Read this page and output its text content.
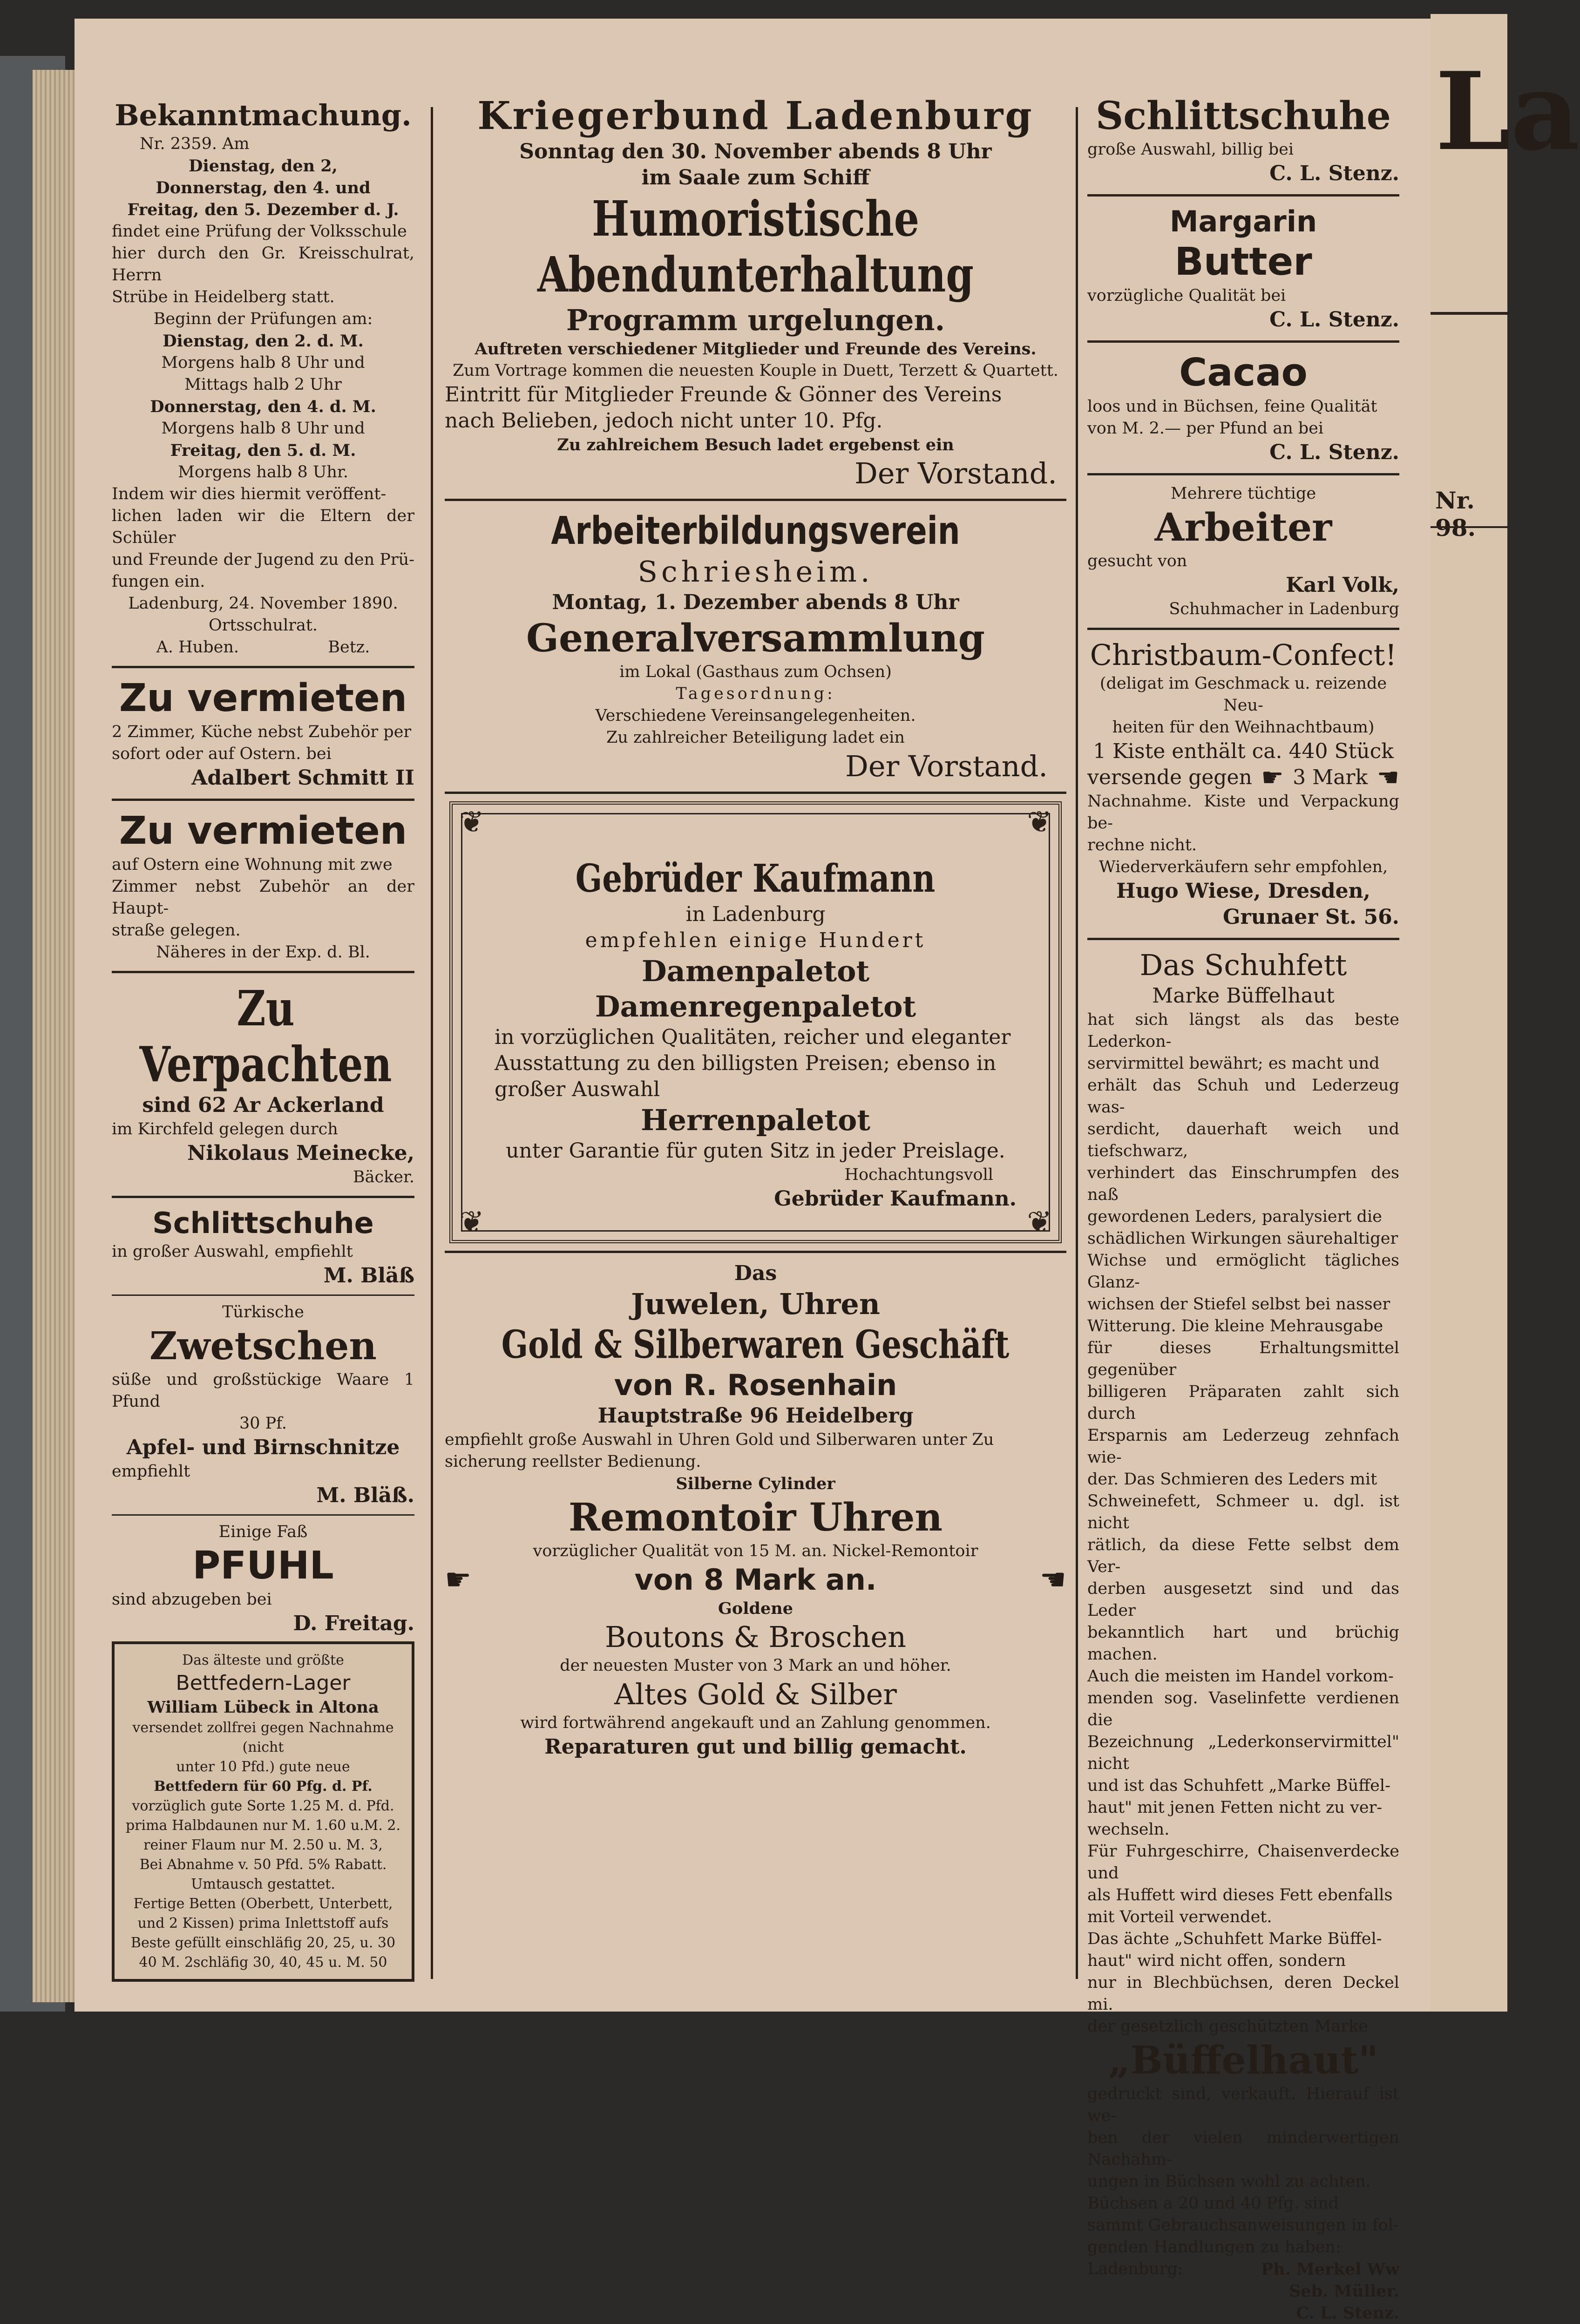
La
Nr. 98.

Bekanntmachung.

Nr. 2359. Am

Dienstag, den 2,

Donnerstag, den 4. und

Freitag, den 5. Dezember d. J.

findet eine Prüfung der Volksschule

hier durch den Gr. Kreisschulrat, Herrn

Strübe in Heidelberg statt.

Beginn der Prüfungen am:

Dienstag, den 2. d. M.

Morgens halb 8 Uhr und

Mittags halb 2 Uhr

Donnerstag, den 4. d. M.

Morgens halb 8 Uhr und

Freitag, den 5. d. M.

Morgens halb 8 Uhr.

Indem wir dies hiermit veröffent-

lichen laden wir die Eltern der Schüler

und Freunde der Jugend zu den Prü-

fungen ein.

Ladenburg, 24. November 1890.

Ortsschulrat.

A. Huben.	Betz.

Zu vermieten

2 Zimmer, Küche nebst Zubehör per

sofort oder auf Ostern. bei

Adalbert Schmitt II

Zu vermieten

auf Ostern eine Wohnung mit zwe

Zimmer nebst Zubehör an der Haupt-

straße gelegen.

Näheres in der Exp. d. Bl.

Zu Verpachten

sind 62 Ar Ackerland

im Kirchfeld gelegen durch

Nikolaus Meinecke,

Bäcker.

Schlittschuhe

in großer Auswahl, empfiehlt

M. Bläß

Türkische

Zwetschen

süße und großstückige Waare 1 Pfund

30 Pf.

Apfel- und Birnschnitze

empfiehlt

M. Bläß.

Einige Faß

PFUHL

sind abzugeben bei

D. Freitag.

Das älteste und größte

Bettfedern-Lager

William Lübeck in Altona

versendet zollfrei gegen Nachnahme (nicht

unter 10 Pfd.) gute neue

Bettfedern für 60 Pfg. d. Pf.

vorzüglich gute Sorte 1.25 M. d. Pfd.

prima Halbdaunen nur M. 1.60 u.M. 2.

reiner Flaum nur M. 2.50 u. M. 3,

Bei Abnahme v. 50 Pfd. 5% Rabatt.

Umtausch gestattet.

Fertige Betten (Oberbett, Unterbett,

und 2 Kissen) prima Inlettstoff aufs

Beste gefüllt einschläfig 20, 25, u. 30

40 M. 2schläfig 30, 40, 45 u. M. 50

Kriegerbund Ladenburg

Sonntag den 30. November abends 8 Uhr

im Saale zum Schiff

Humoristische Abendunterhaltung

Programm urgelungen.

Auftreten verschiedener Mitglieder und Freunde des Vereins.

Zum Vortrage kommen die neuesten Kouple in Duett, Terzett & Quartett.

Eintritt für Mitglieder Freunde & Gönner des Vereins

nach Belieben, jedoch nicht unter 10. Pfg.

Zu zahlreichem Besuch ladet ergebenst ein

Der Vorstand.

Arbeiterbildungsverein

Schriesheim.

Montag, 1. Dezember abends 8 Uhr

Generalversammlung

im Lokal (Gasthaus zum Ochsen)

Tagesordnung:

Verschiedene Vereinsangelegenheiten.

Zu zahlreicher Beteiligung ladet ein

Der Vorstand.

❦	❦
❦	❦

Gebrüder Kaufmann

in Ladenburg

empfehlen einige Hundert

Damenpaletot

Damenregenpaletot

in vorzüglichen Qualitäten, reicher und eleganter

Ausstattung zu den billigsten Preisen; ebenso in

großer Auswahl

Herrenpaletot

unter Garantie für guten Sitz in jeder Preislage.

Hochachtungsvoll

Gebrüder Kaufmann.

Das

Juwelen, Uhren

Gold & Silberwaren Geschäft

von R. Rosenhain

Hauptstraße 96 Heidelberg

empfiehlt große Auswahl in Uhren Gold und Silberwaren unter Zu

sicherung reellster Bedienung.

Silberne Cylinder

Remontoir Uhren

vorzüglicher Qualität von 15 M. an. Nickel-Remontoir

☛	von 8 Mark an.	☚

Goldene

Boutons & Broschen

der neuesten Muster von 3 Mark an und höher.

Altes Gold & Silber

wird fortwährend angekauft und an Zahlung genommen.

Reparaturen gut und billig gemacht.

Schlittschuhe

große Auswahl, billig bei

C. L. Stenz.

Margarin

Butter

vorzügliche Qualität bei

C. L. Stenz.

Cacao

loos und in Büchsen, feine Qualität

von M. 2.— per Pfund an bei

C. L. Stenz.

Mehrere tüchtige

Arbeiter

gesucht von

Karl Volk,

Schuhmacher in Ladenburg

Christbaum-Confect!

(deligat im Geschmack u. reizende Neu-

heiten für den Weihnachtbaum)

1 Kiste enthält ca. 440 Stück

versende gegen ☛ 3 Mark ☚

Nachnahme. Kiste und Verpackung be-

rechne nicht.

Wiederverkäufern sehr empfohlen,

Hugo Wiese, Dresden,

Grunaer St. 56.

Das Schuhfett

Marke Büffelhaut

hat sich längst als das beste Lederkon-

servirmittel bewährt; es macht und

erhält das Schuh und Lederzeug was-

serdicht, dauerhaft weich und tiefschwarz,

verhindert das Einschrumpfen des naß

gewordenen Leders, paralysiert die

schädlichen Wirkungen säurehaltiger

Wichse und ermöglicht tägliches Glanz-

wichsen der Stiefel selbst bei nasser

Witterung. Die kleine Mehrausgabe

für dieses Erhaltungsmittel gegenüber

billigeren Präparaten zahlt sich durch

Ersparnis am Lederzeug zehnfach wie-

der. Das Schmieren des Leders mit

Schweinefett, Schmeer u. dgl. ist nicht

rätlich, da diese Fette selbst dem Ver-

derben ausgesetzt sind und das Leder

bekanntlich hart und brüchig machen.

Auch die meisten im Handel vorkom-

menden sog. Vaselinfette verdienen die

Bezeichnung „Lederkonservirmittel" nicht

und ist das Schuhfett „Marke Büffel-

haut" mit jenen Fetten nicht zu ver-

wechseln.

Für Fuhrgeschirre, Chaisenverdecke und

als Huffett wird dieses Fett ebenfalls

mit Vorteil verwendet.

Das ächte „Schuhfett Marke Büffel-

haut" wird nicht offen, sondern

nur in Blechbüchsen, deren Deckel mi.

der gesetzlich geschützten Marke

„Büffelhaut"

gedruckt sind, verkauft. Hierauf ist we-

ben der vielen minderwertigen Nachahm-

ungen in Büchsen wohl zu achten.

Büchsen a 20 und 40 Pfg. sind

sammt Gebrauchsanweisungen in fol-

genden Handlungen zu haben:

Ladenburg:	Ph. Merkel Ww

Seb. Müller.

C. L. Stenz.
